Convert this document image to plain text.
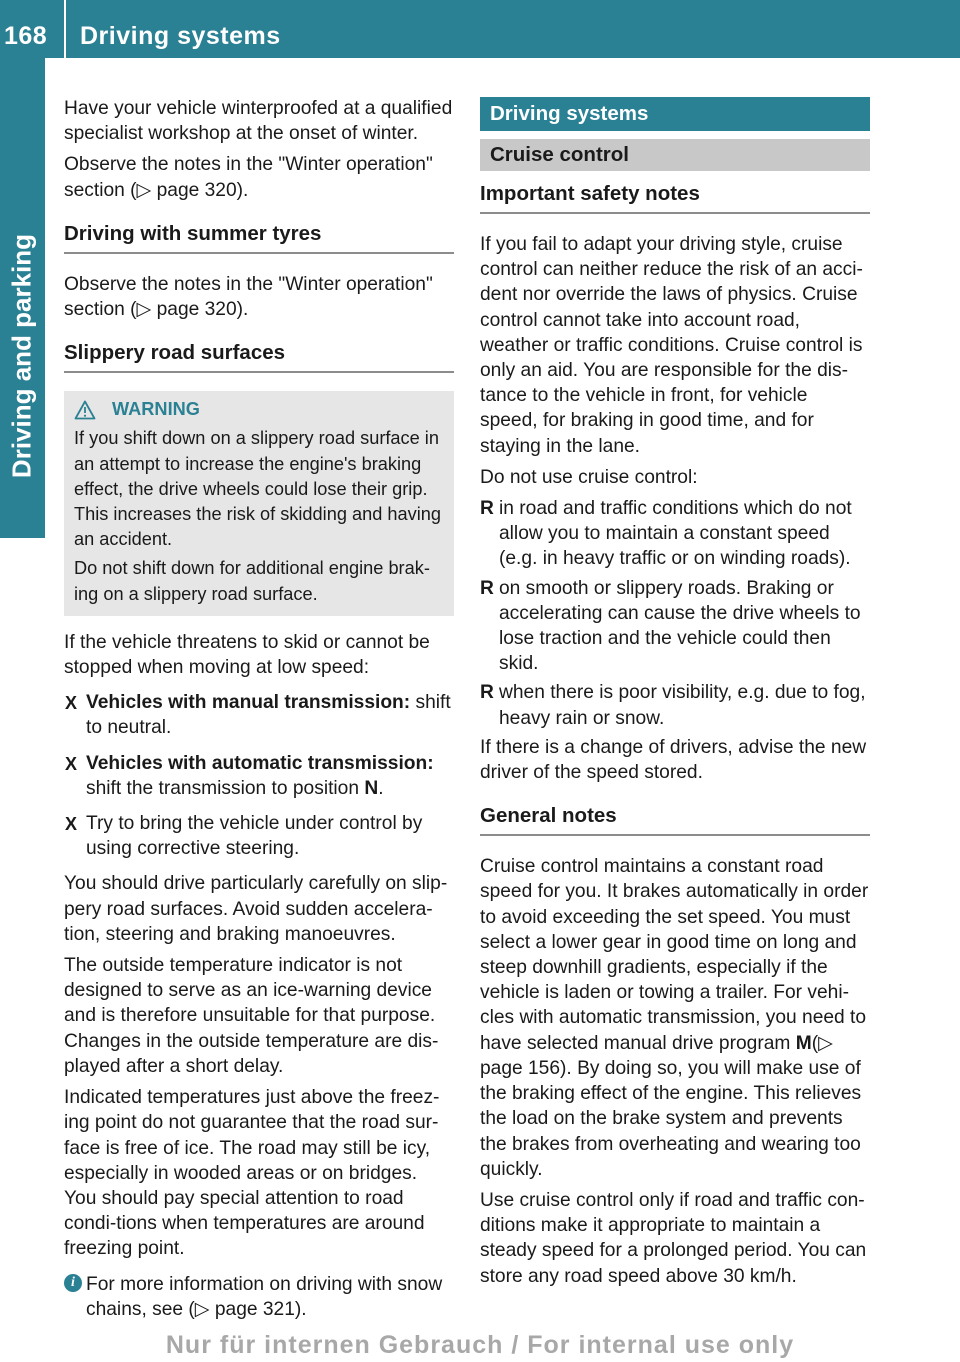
168 Driving systems
Driving and parking

Have your vehicle winterproofed at a qualified specialist workshop at the onset of winter.

Observe the notes in the "Winter operation" section (▷ page 320).

Driving with summer tyres

Observe the notes in the "Winter operation" section (▷ page 320).

Slippery road surfaces
WARNING

If you shift down on a slippery road surface in an attempt to increase the engine's braking effect, the drive wheels could lose their grip. This increases the risk of skidding and having an accident.

Do not shift down for additional engine brak-ing on a slippery road surface.

If the vehicle threatens to skid or cannot be stopped when moving at low speed:

X Vehicles with manual transmission: shift to neutral.
X Vehicles with automatic transmission: shift the transmission to position N.
X Try to bring the vehicle under control by using corrective steering.

You should drive particularly carefully on slip-pery road surfaces. Avoid sudden accelera-tion, steering and braking manoeuvres.

The outside temperature indicator is not designed to serve as an ice-warning device and is therefore unsuitable for that purpose. Changes in the outside temperature are dis-played after a short delay.

Indicated temperatures just above the freez-ing point do not guarantee that the road sur-face is free of ice. The road may still be icy, especially in wooded areas or on bridges. You should pay special attention to road condi-tions when temperatures are around freezing point.

i For more information on driving with snow chains, see (▷ page 321).
Driving systems
Cruise control
Important safety notes

If you fail to adapt your driving style, cruise control can neither reduce the risk of an acci-dent nor override the laws of physics. Cruise control cannot take into account road, weather or traffic conditions. Cruise control is only an aid. You are responsible for the dis-tance to the vehicle in front, for vehicle speed, for braking in good time, and for staying in the lane.

Do not use cruise control:

R in road and traffic conditions which do not allow you to maintain a constant speed (e.g. in heavy traffic or on winding roads).
R on smooth or slippery roads. Braking or accelerating can cause the drive wheels to lose traction and the vehicle could then skid.
R when there is poor visibility, e.g. due to fog, heavy rain or snow.

If there is a change of drivers, advise the new driver of the speed stored.

General notes

Cruise control maintains a constant road speed for you. It brakes automatically in order to avoid exceeding the set speed. You must select a lower gear in good time on long and steep downhill gradients, especially if the vehicle is laden or towing a trailer. For vehi-cles with automatic transmission, you need to have selected manual drive program M(▷ page 156). By doing so, you will make use of the braking effect of the engine. This relieves the load on the brake system and prevents the brakes from overheating and wearing too quickly.

Use cruise control only if road and traffic con-ditions make it appropriate to maintain a steady speed for a prolonged period. You can store any road speed above 30 km/h.

Nur für internen Gebrauch / For internal use only
